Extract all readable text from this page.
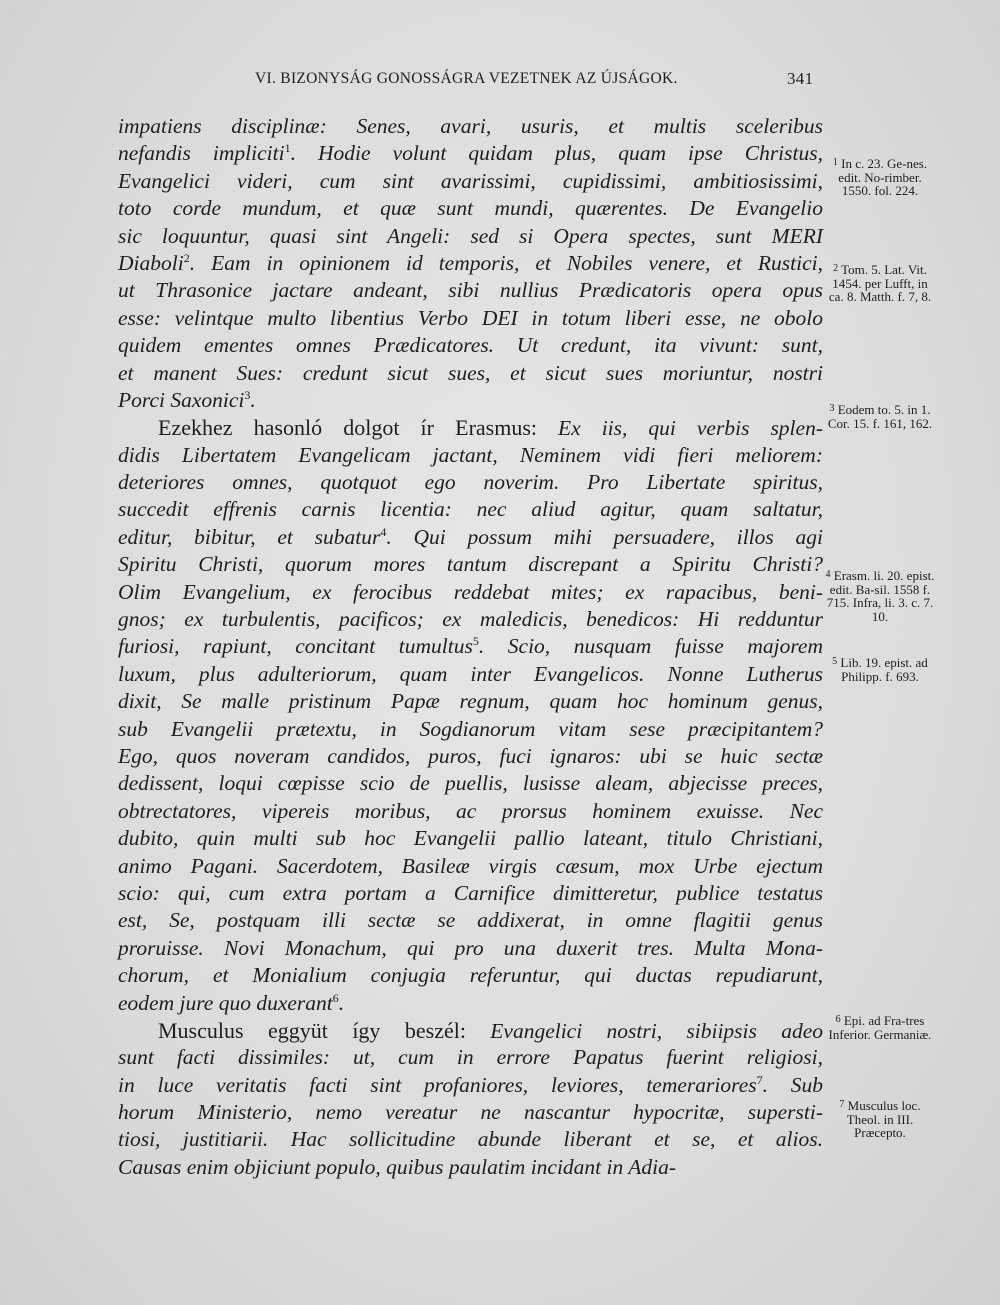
VI. BIZONYSÁG GONOSSÁGRA VEZETNEK AZ ÚJSÁGOK.	341
impatiens disciplinæ: Senes, avari, usuris, et multis sceleribus
nefandis impliciti$^1$. Hodie volunt quidam plus, quam ipse Christus,
Evangelici videri, cum sint avarissimi, cupidissimi, ambitiosissimi,
toto corde mundum, et quæ sunt mundi, quærentes. De Evangelio
sic loquuntur, quasi sint Angeli: sed si Opera spectes, sunt MERI
Diaboli$^2$. Eam in opinionem id temporis, et Nobiles venere, et Rustici,
ut Thrasonice jactare andeant, sibi nullius Prædicatoris opera opus
esse: velintque multo libentius Verbo DEI in totum liberi esse, ne obolo
quidem ementes omnes Prædicatores. Ut credunt, ita vivunt: sunt,
et manent Sues: credunt sicut sues, et sicut sues moriuntur, nostri
Porci Saxonici$^3$.
Ezekhez hasonló dolgot ír Erasmus: Ex iis, qui verbis splen-
didis Libertatem Evangelicam jactant, Neminem vidi fieri meliorem:
deteriores omnes, quotquot ego noverim. Pro Libertate spiritus,
succedit effrenis carnis licentia: nec aliud agitur, quam saltatur,
editur, bibitur, et subatur$^4$. Qui possum mihi persuadere, illos agi
Spiritu Christi, quorum mores tantum discrepant a Spiritu Christi?
Olim Evangelium, ex ferocibus reddebat mites; ex rapacibus, beni-
gnos; ex turbulentis, pacificos; ex maledicis, benedicos: Hi redduntur
furiosi, rapiunt, concitant tumultus$^5$. Scio, nusquam fuisse majorem
luxum, plus adulteriorum, quam inter Evangelicos. Nonne Lutherus
dixit, Se malle pristinum Papæ regnum, quam hoc hominum genus,
sub Evangelii prætextu, in Sogdianorum vitam sese præcipitantem?
Ego, quos noveram candidos, puros, fuci ignaros: ubi se huic sectæ
dedissent, loqui cœpisse scio de puellis, lusisse aleam, abjecisse preces,
obtrectatores, vipereis moribus, ac prorsus hominem exuisse. Nec
dubito, quin multi sub hoc Evangelii pallio lateant, titulo Christiani,
animo Pagani. Sacerdotem, Basileæ virgis cæsum, mox Urbe ejectum
scio: qui, cum extra portam a Carnifice dimitteretur, publice testatus
est, Se, postquam illi sectæ se addixerat, in omne flagitii genus
proruisse. Novi Monachum, qui pro una duxerit tres. Multa Mona-
chorum, et Monialium conjugia referuntur, qui ductas repudiarunt,
eodem jure quo duxerant$^6$.
Musculus eggyüt így beszél: Evangelici nostri, sibiipsis adeo
sunt facti dissimiles: ut, cum in errore Papatus fuerint religiosi,
in luce veritatis facti sint profaniores, leviores, temerariores$^7$. Sub
horum Ministerio, nemo vereatur ne nascantur hypocritæ, supersti-
tiosi, justitiarii. Hac sollicitudine abunde liberant et se, et alios.
Causas enim objiciunt populo, quibus paulatim incidant in Adia-
1 In c. 23. Ge-nes. edit. No-rimber. 1550. fol. 224.
2 Tom. 5. Lat. Vit. 1454. per Lufft, in ca. 8. Matth. f. 7, 8.
3 Eodem to. 5. in 1. Cor. 15. f. 161, 162.
4 Erasm. li. 20. epist. edit. Ba-sil. 1558 f. 715. Infra, li. 3. c. 7. 10.
5 Lib. 19. epist. ad Philipp. f. 693.
6 Epi. ad Fra-tres Inferior. Germaniæ.
7 Musculus loc. Theol. in III. Præcepto.
